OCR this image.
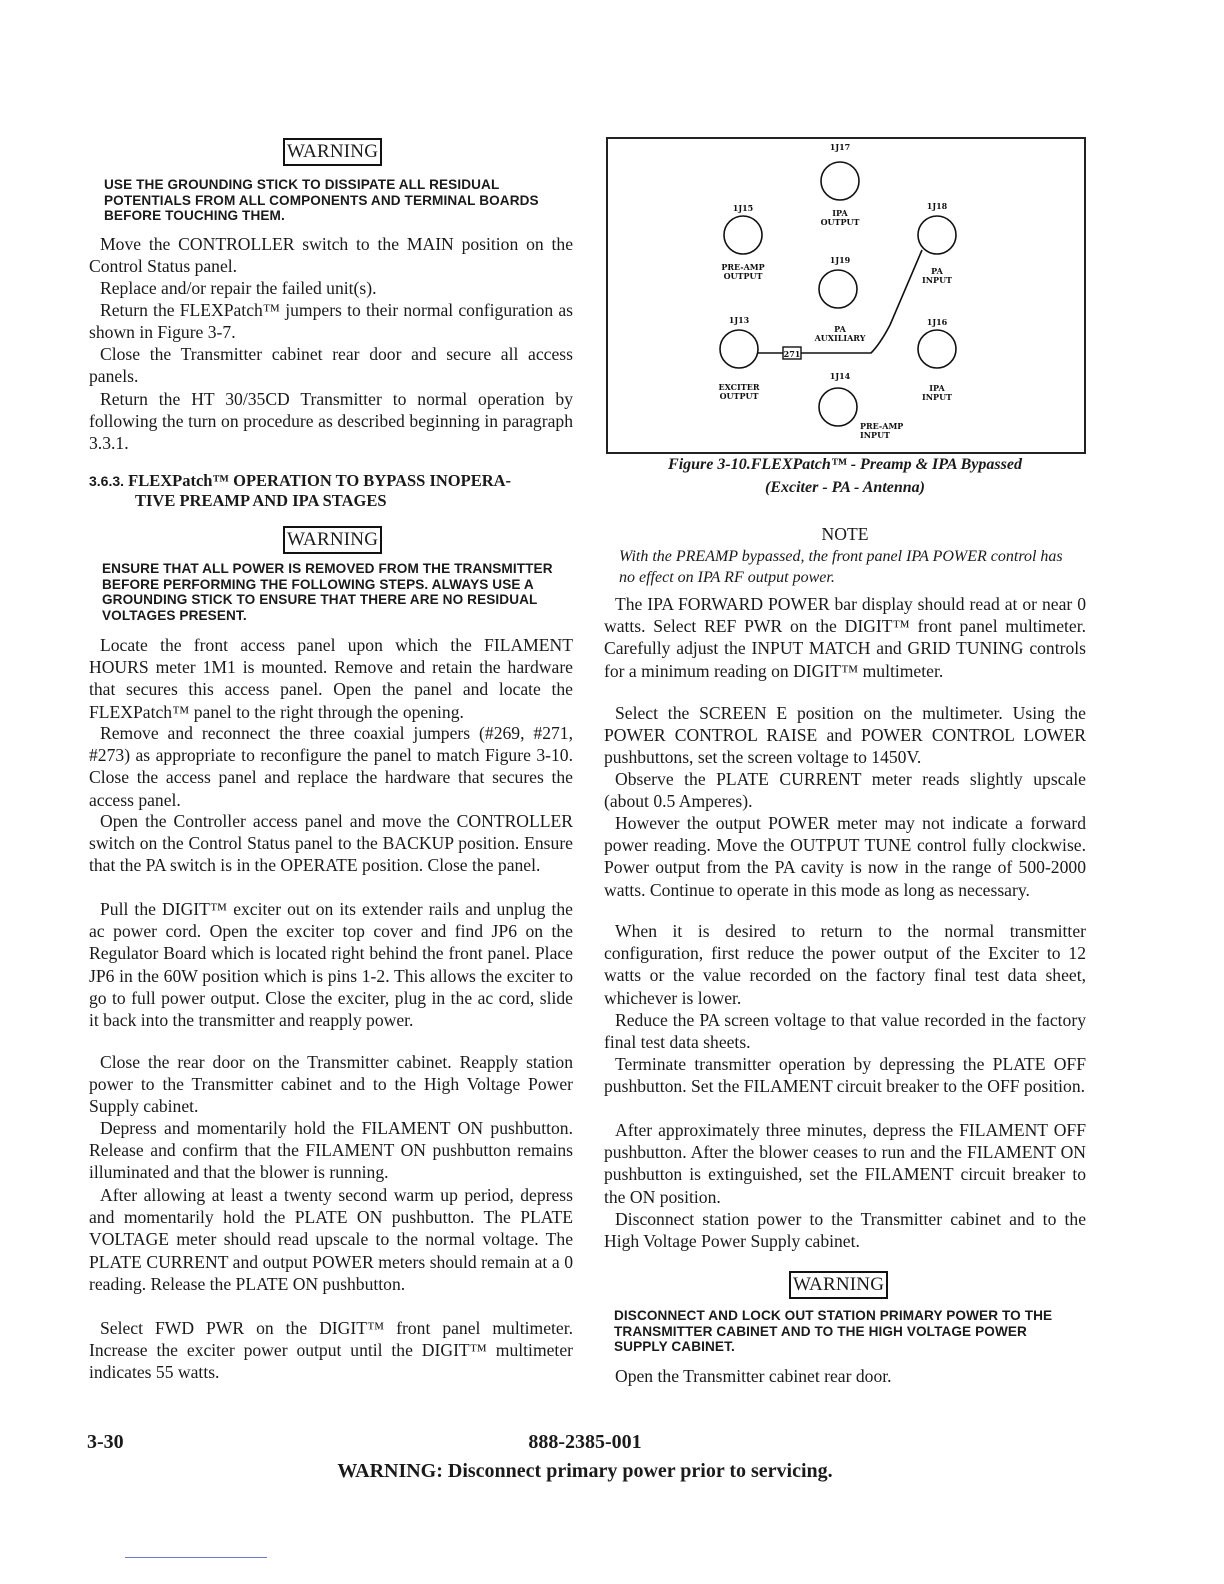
WARNING

USE THE GROUNDING STICK TO DISSIPATE ALL RESIDUAL POTENTIALS FROM ALL COMPONENTS AND TERMINAL BOARDS BEFORE TOUCHING THEM.

Move the CONTROLLER switch to the MAIN position on the Control Status panel.

Replace and/or repair the failed unit(s).

Return the FLEXPatch™ jumpers to their normal configuration as shown in Figure 3-7.

Close the Transmitter cabinet rear door and secure all access panels.

Return the HT 30/35CD Transmitter to normal operation by following the turn on procedure as described beginning in paragraph 3.3.1.

3.6.3. FLEXPatch™ OPERATION TO BYPASS INOPERA-
TIVE PREAMP AND IPA STAGES
WARNING

ENSURE THAT ALL POWER IS REMOVED FROM THE TRANSMITTER BEFORE PERFORMING THE FOLLOWING STEPS. ALWAYS USE A GROUNDING STICK TO ENSURE THAT THERE ARE NO RESIDUAL VOLTAGES PRESENT.

Locate the front access panel upon which the FILAMENT HOURS meter 1M1 is mounted. Remove and retain the hardware that secures this access panel. Open the panel and locate the FLEXPatch™ panel to the right through the opening.

Remove and reconnect the three coaxial jumpers (#269, #271, #273) as appropriate to reconfigure the panel to match Figure 3-10. Close the access panel and replace the hardware that secures the access panel.

Open the Controller access panel and move the CONTROLLER switch on the Control Status panel to the BACKUP position. Ensure that the PA switch is in the OPERATE position. Close the panel.

Pull the DIGIT™ exciter out on its extender rails and unplug the ac power cord. Open the exciter top cover and find JP6 on the Regulator Board which is located right behind the front panel. Place JP6 in the 60W position which is pins 1-2. This allows the exciter to go to full power output. Close the exciter, plug in the ac cord, slide it back into the transmitter and reapply power.

Close the rear door on the Transmitter cabinet. Reapply station power to the Transmitter cabinet and to the High Voltage Power Supply cabinet.

Depress and momentarily hold the FILAMENT ON pushbutton. Release and confirm that the FILAMENT ON pushbutton remains illuminated and that the blower is running.

After allowing at least a twenty second warm up period, depress and momentarily hold the PLATE ON pushbutton. The PLATE VOLTAGE meter should read upscale to the normal voltage. The PLATE CURRENT and output POWER meters should remain at a 0 reading. Release the PLATE ON pushbutton.

Select FWD PWR on the DIGIT™ front panel multimeter. Increase the exciter power output until the DIGIT™ multimeter indicates 55 watts.

1J17
1J15	1J18
1J19
1J13	1J16
1J14
IPA
OUTPUT
PRE-AMP
OUTPUT	PA
INPUT
PA
AUXILIARY
271
EXCITER
OUTPUT
IPA
INPUT
PRE-AMP
INPUT

Figure 3-10.FLEXPatch™ - Preamp & IPA Bypassed
(Exciter - PA - Antenna)

NOTE

With the PREAMP bypassed, the front panel IPA POWER control has no effect on IPA RF output power.

The IPA FORWARD POWER bar display should read at or near 0 watts. Select REF PWR on the DIGIT™ front panel multimeter. Carefully adjust the INPUT MATCH and GRID TUNING controls for a minimum reading on DIGIT™ multimeter.

Select the SCREEN E position on the multimeter. Using the POWER CONTROL RAISE and POWER CONTROL LOWER pushbuttons, set the screen voltage to 1450V.

Observe the PLATE CURRENT meter reads slightly upscale (about 0.5 Amperes).

However the output POWER meter may not indicate a forward power reading. Move the OUTPUT TUNE control fully clockwise. Power output from the PA cavity is now in the range of 500-2000 watts. Continue to operate in this mode as long as necessary.

When it is desired to return to the normal transmitter configuration, first reduce the power output of the Exciter to 12 watts or the value recorded on the factory final test data sheet, whichever is lower.

Reduce the PA screen voltage to that value recorded in the factory final test data sheets.

Terminate transmitter operation by depressing the PLATE OFF pushbutton. Set the FILAMENT circuit breaker to the OFF position.

After approximately three minutes, depress the FILAMENT OFF pushbutton. After the blower ceases to run and the FILAMENT ON pushbutton is extinguished, set the FILAMENT circuit breaker to the ON position.

Disconnect station power to the Transmitter cabinet and to the High Voltage Power Supply cabinet.

WARNING

DISCONNECT AND LOCK OUT STATION PRIMARY POWER TO THE TRANSMITTER CABINET AND TO THE HIGH VOLTAGE POWER SUPPLY CABINET.

Open the Transmitter cabinet rear door.

3-30	888-2385-001

WARNING: Disconnect primary power prior to servicing.
